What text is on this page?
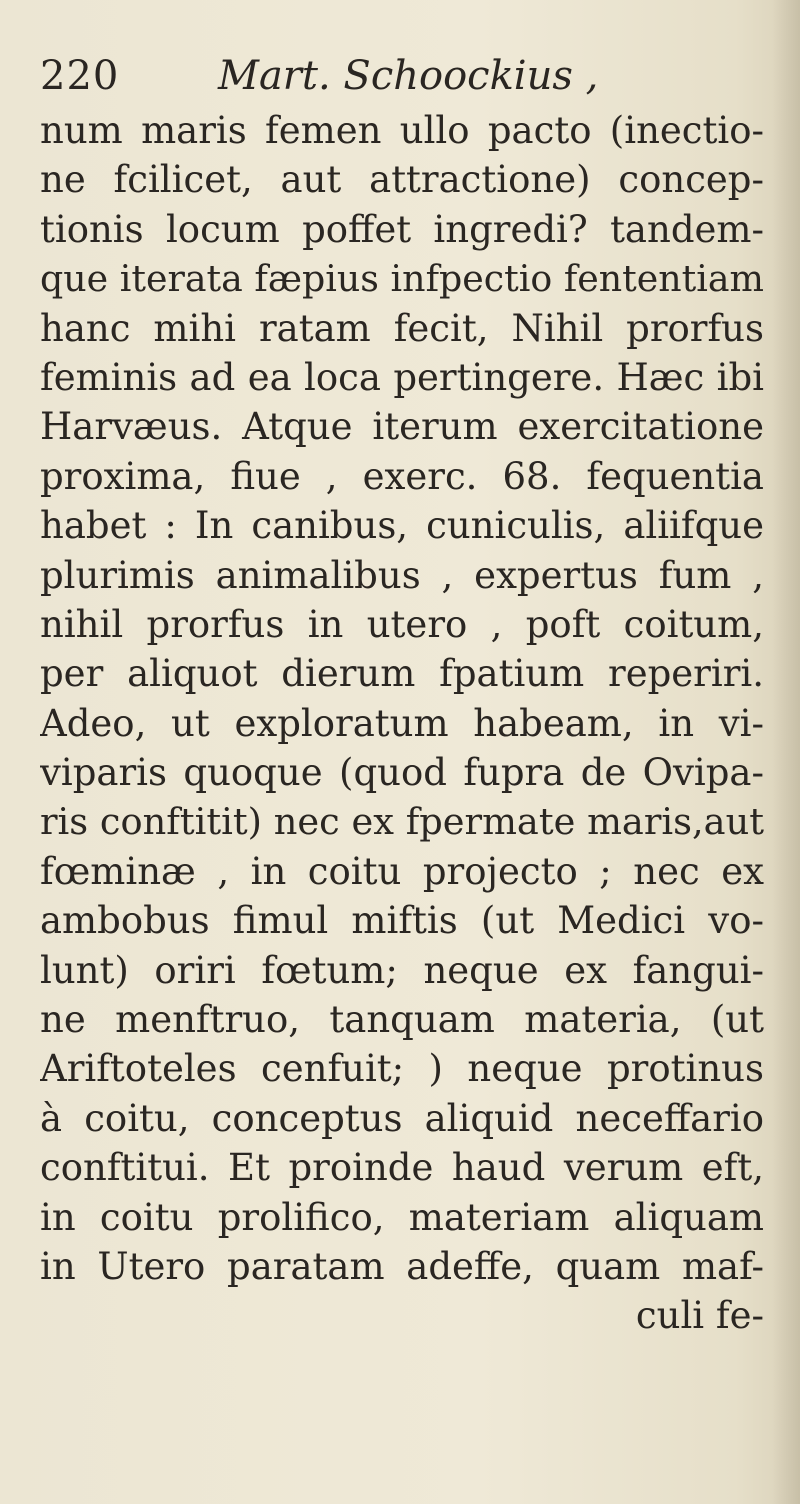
220 Mart. Schoockius ,
num maris femen ullo pacto (inectio-
ne fcilicet, aut attractione) concep-
tionis locum poffet ingredi? tandem-
que iterata fæpius infpectio fententiam
hanc mihi ratam fecit, Nihil prorfus
feminis ad ea loca pertingere. Hæc ibi
Harvæus. Atque iterum exercitatione
proxima, fiue , exerc. 68. fequentia
habet : In canibus, cuniculis, aliifque
plurimis animalibus , expertus fum ,
nihil prorfus in utero , poft coitum,
per aliquot dierum fpatium reperiri.
Adeo, ut exploratum habeam, in vi-
viparis quoque (quod fupra de Ovipa-
ris conftitit) nec ex fpermate maris,aut
fœminæ , in coitu projecto ; nec ex
ambobus fimul miftis (ut Medici vo-
lunt) oriri fœtum; neque ex fangui-
ne menftruo, tanquam materia, (ut
Ariftoteles cenfuit; ) neque protinus
à coitu, conceptus aliquid neceffario
conftitui. Et proinde haud verum eft,
in coitu prolifico, materiam aliquam
in Utero paratam adeffe, quam maf-
culi fe-
